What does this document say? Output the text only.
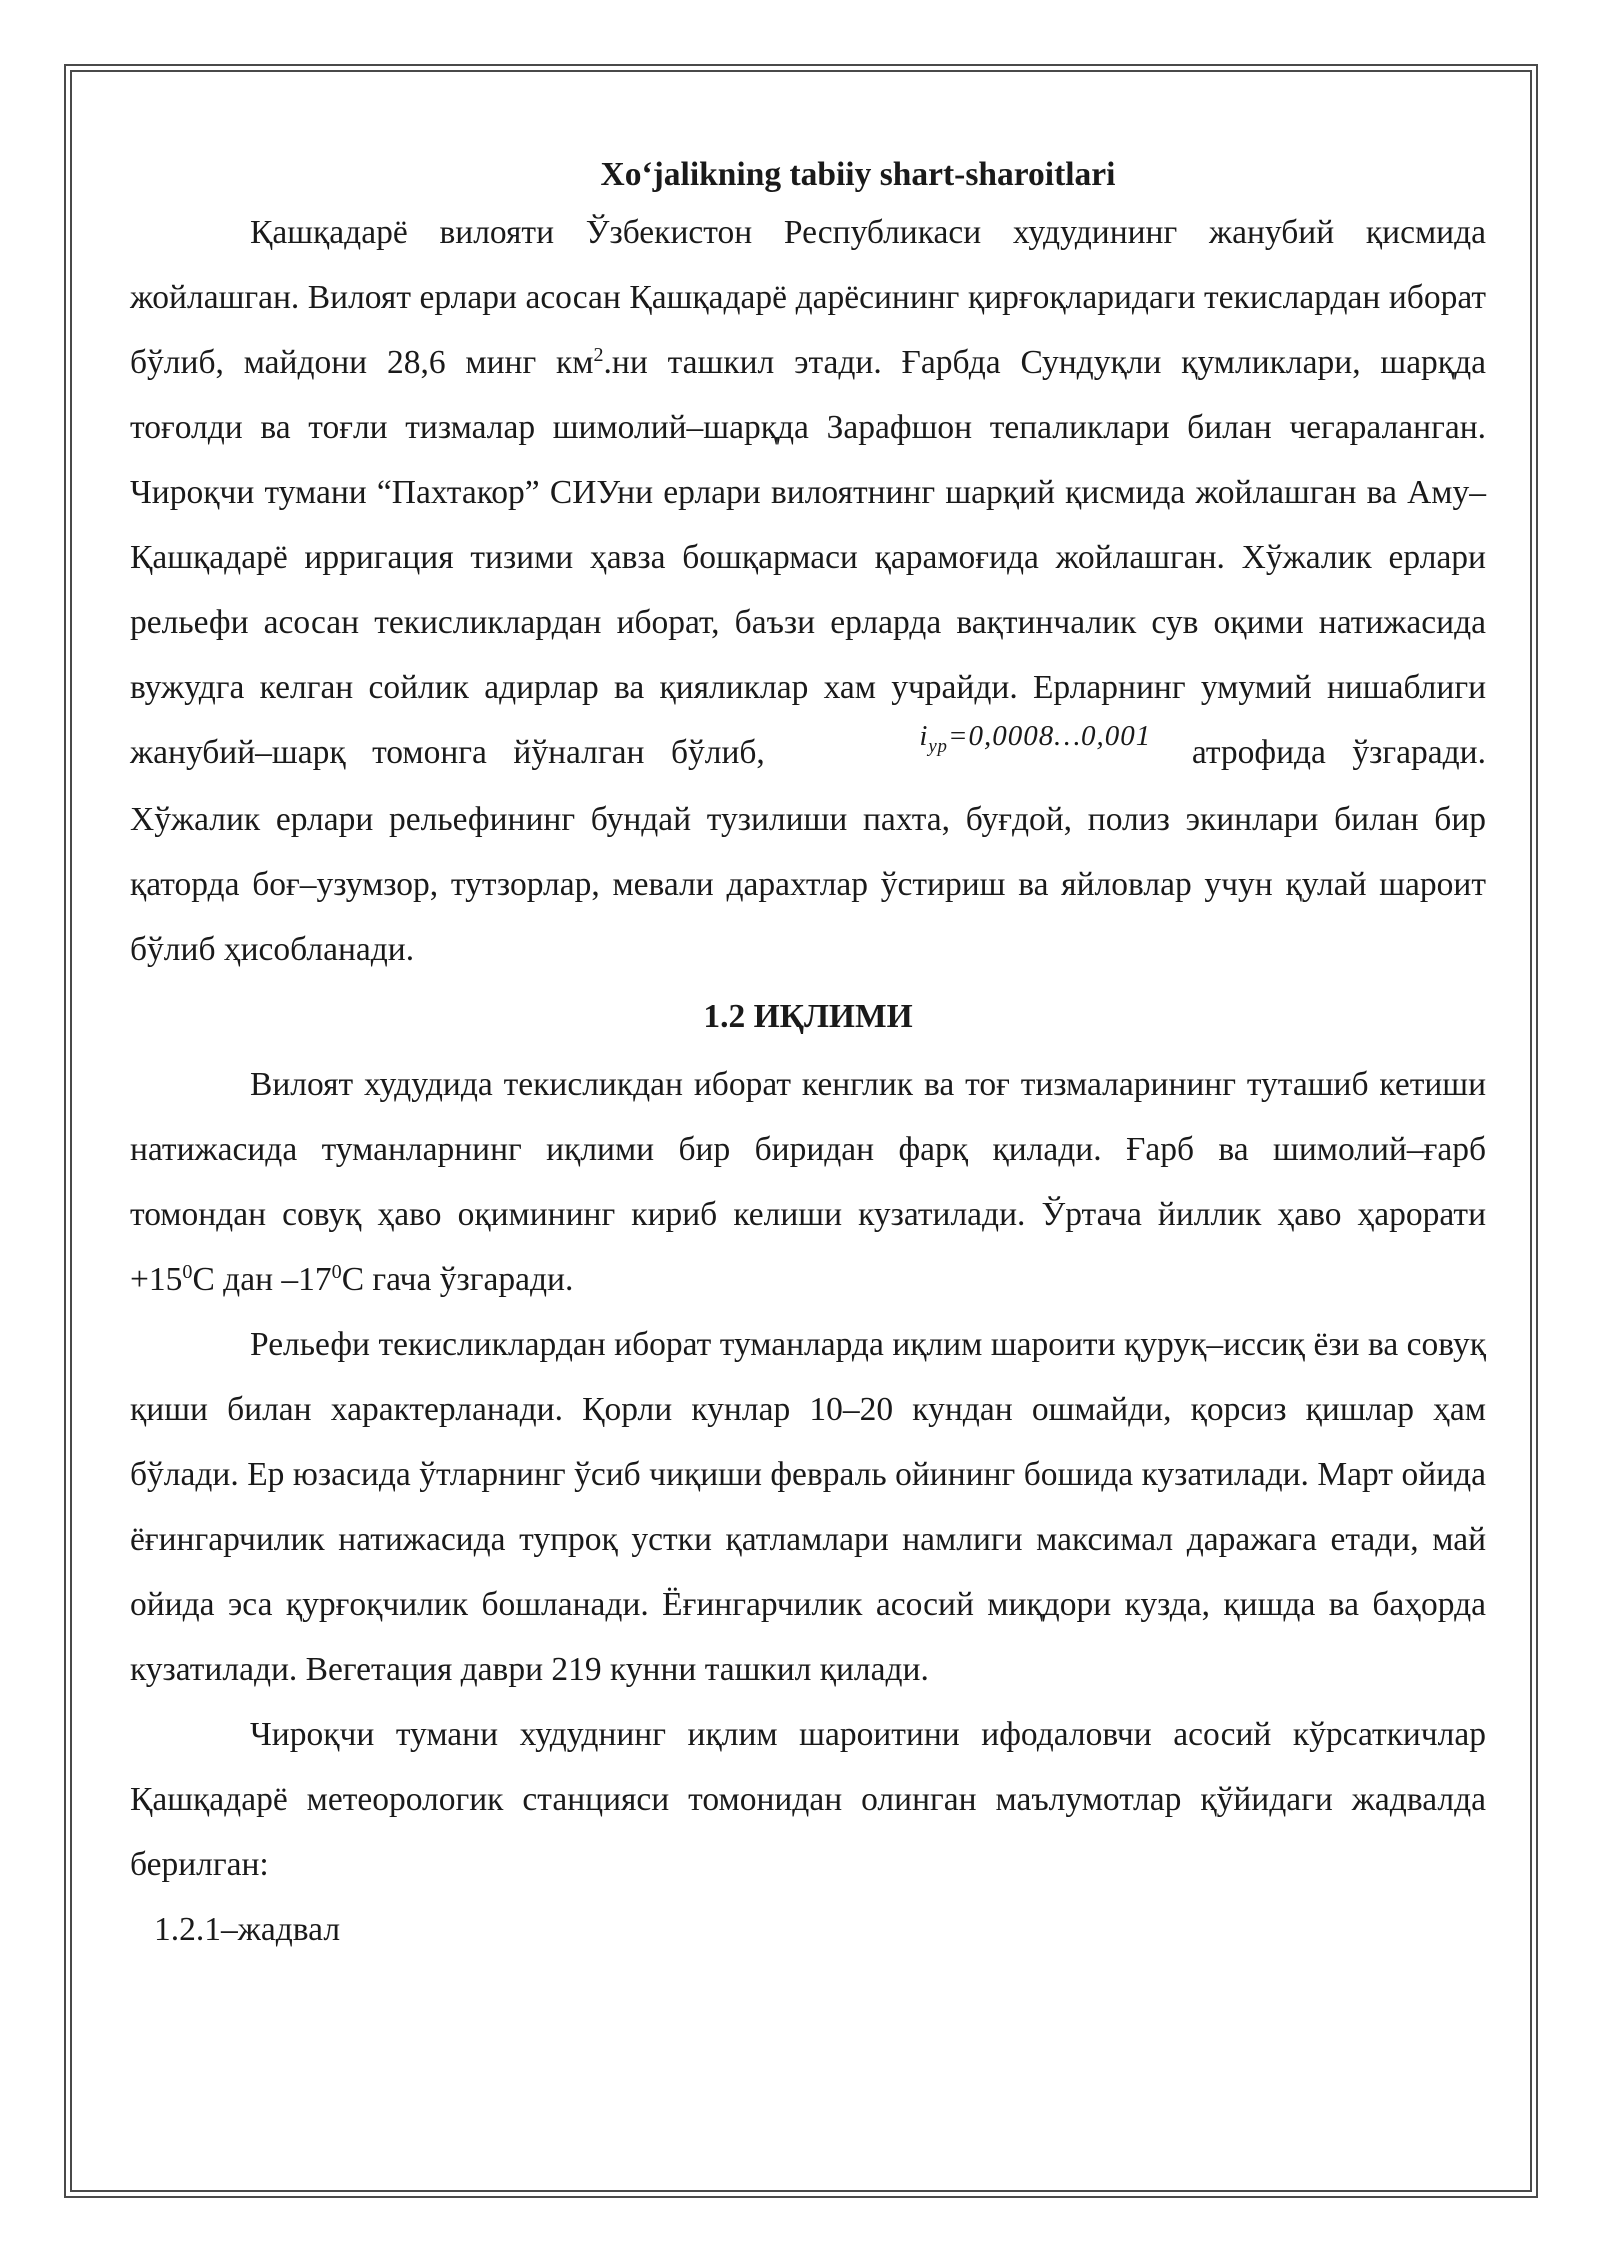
Xo‘jalikning tabiiy shart-sharoitlari

Қашқадарё вилояти Ўзбекистон Республикаси худудининг жанубий қисмида жойлашган. Вилоят ерлари асосан Қашқадарё дарёсининг қирғоқларидаги текислардан иборат бўлиб, майдони 28,6 минг $км^2.ни$ ташкил этади. Ғарбда Сундуқли қумликлари, шарқда тоғолди ва тоғли тизмалар шимолий–шарқда Зарафшон тепаликлари билан чегараланган. Чироқчи тумани “Пахтакор” СИУни ерлари вилоятнинг шарқий қисмида жойлашган ва Аму–Қашқадарё ирригация тизими ҳавза бошқармаси қарамоғида жойлашган. Хўжалик ерлари рельефи асосан текисликлардан иборат, баъзи ерларда вақтинчалик сув оқими натижасида вужудга келган сойлик адирлар ва қияликлар хам учрайди. Ерларнинг умумий нишаблиги жанубий–шарқ томонга йўналган бўлиб,	$i_{ур}=0,0008\dots 0,001$ атрофида ўзгаради. Хўжалик ерлари рельефининг бундай тузилиши пахта, буғдой, полиз экинлари билан бир қаторда боғ–узумзор, тутзорлар, мевали дарахтлар ўстириш ва яйловлар учун қулай шароит бўлиб ҳисобланади.

1.2 ИҚЛИМИ

Вилоят худудида текисликдан иборат кенглик ва тоғ тизмаларининг туташиб кетиши натижасида туманларнинг иқлими бир биридан фарқ қилади. Ғарб ва шимолий–ғарб томондан совуқ ҳаво оқимининг кириб келиши кузатилади. Ўртача йиллик ҳаво ҳарорати $+15^0С$ дан $-17^0С$ гача ўзгаради.

Рельефи текисликлардан иборат туманларда иқлим шароити қуруқ–иссиқ ёзи ва совуқ қиши билан характерланади. Қорли кунлар 10–20 кундан ошмайди, қорсиз қишлар ҳам бўлади. Ер юзасида ўтларнинг ўсиб чиқиши февраль ойининг бошида кузатилади. Март ойида ёғингарчилик натижасида тупроқ устки қатламлари намлиги максимал даражага етади, май ойида эса қурғоқчилик бошланади. Ёғингарчилик асосий миқдори кузда, қишда ва баҳорда кузатилади. Вегетация даври 219 кунни ташкил қилади.

Чироқчи тумани худуднинг иқлим шароитини ифодаловчи асосий кўрсаткичлар Қашқадарё метеорологик станцияси томонидан олинган маълумотлар қўйидаги жадвалда берилган:

1.2.1–жадвал
